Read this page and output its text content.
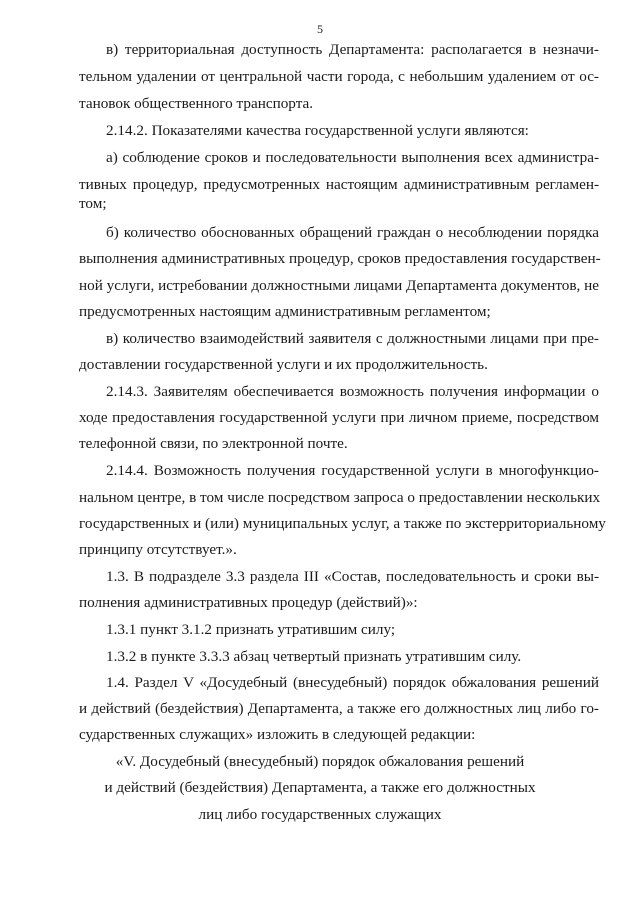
5
в) территориальная доступность Департамента: располагается в незначи-
тельном удалении от центральной части города, с небольшим удалением от ос-
тановок общественного транспорта.
2.14.2. Показателями качества государственной услуги являются:
а) соблюдение сроков и последовательности выполнения всех администра-
тивных процедур, предусмотренных настоящим административным регламен-
том;
б) количество обоснованных обращений граждан о несоблюдении порядка
выполнения административных процедур, сроков предоставления государствен-
ной услуги, истребовании должностными лицами Департамента документов, не
предусмотренных настоящим административным регламентом;
в) количество взаимодействий заявителя с должностными лицами при пре-
доставлении государственной услуги и их продолжительность.
2.14.3. Заявителям обеспечивается возможность получения информации о
ходе предоставления государственной услуги при личном приеме, посредством
телефонной связи, по электронной почте.
2.14.4. Возможность получения государственной услуги в многофункцио-
нальном центре, в том числе посредством запроса о предоставлении нескольких
государственных и (или) муниципальных услуг, а также по экстерриториальному
принципу отсутствует.».
1.3. В подразделе 3.3 раздела III «Состав, последовательность и сроки вы-
полнения административных процедур (действий)»:
1.3.1 пункт 3.1.2 признать утратившим силу;
1.3.2 в пункте 3.3.3 абзац четвертый признать утратившим силу.
1.4. Раздел V «Досудебный (внесудебный) порядок обжалования решений
и действий (бездействия) Департамента, а также его должностных лиц либо го-
сударственных служащих» изложить в следующей редакции:
«V. Досудебный (внесудебный) порядок обжалования решений
и действий (бездействия) Департамента, а также его должностных
лиц либо государственных служащих
